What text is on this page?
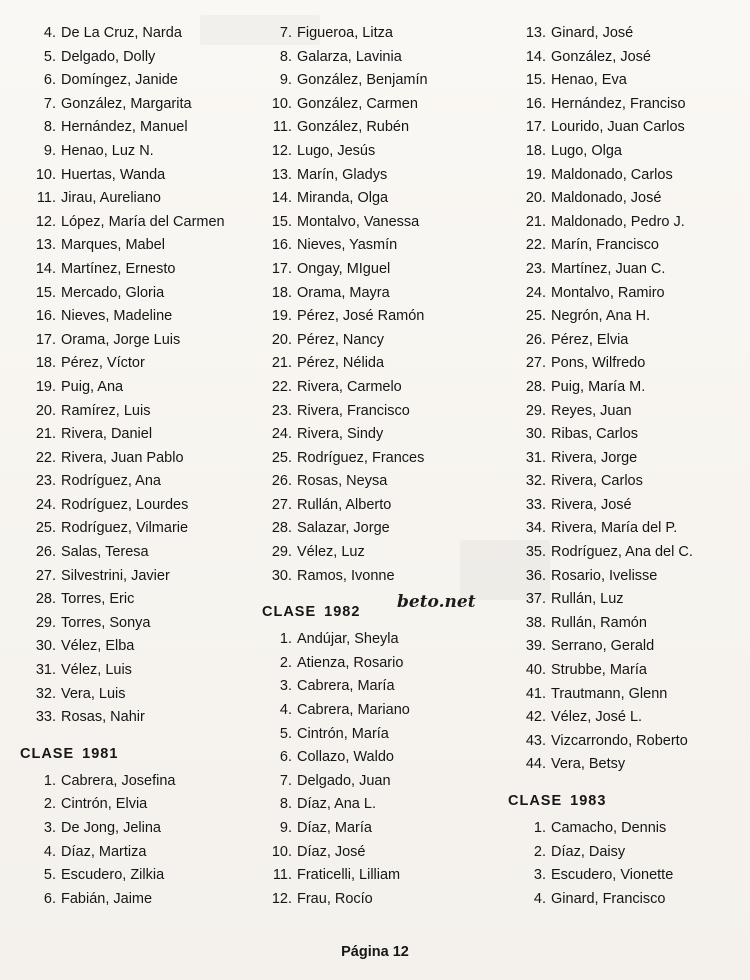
4. De La Cruz, Narda
5. Delgado, Dolly
6. Domíngez, Janide
7. González, Margarita
8. Hernández, Manuel
9. Henao, Luz N.
10. Huertas, Wanda
11. Jirau, Aureliano
12. López, María del Carmen
13. Marques, Mabel
14. Martínez, Ernesto
15. Mercado, Gloria
16. Nieves, Madeline
17. Orama, Jorge Luis
18. Pérez, Víctor
19. Puig, Ana
20. Ramírez, Luis
21. Rivera, Daniel
22. Rivera, Juan Pablo
23. Rodríguez, Ana
24. Rodríguez, Lourdes
25. Rodríguez, Vilmarie
26. Salas, Teresa
27. Silvestrini, Javier
28. Torres, Eric
29. Torres, Sonya
30. Vélez, Elba
31. Vélez, Luis
32. Vera, Luis
33. Rosas, Nahir
CLASE 1981
1. Cabrera, Josefina
2. Cintrón, Elvia
3. De Jong, Jelina
4. Díaz, Martiza
5. Escudero, Zilkia
6. Fabián, Jaime
7. Figueroa, Litza
8. Galarza, Lavinia
9. González, Benjamín
10. González, Carmen
11. González, Rubén
12. Lugo, Jesús
13. Marín, Gladys
14. Miranda, Olga
15. Montalvo, Vanessa
16. Nieves, Yasmín
17. Ongay, MIguel
18. Orama, Mayra
19. Pérez, José Ramón
20. Pérez, Nancy
21. Pérez, Nélida
22. Rivera, Carmelo
23. Rivera, Francisco
24. Rivera, Sindy
25. Rodríguez, Frances
26. Rosas, Neysa
27. Rullán, Alberto
28. Salazar, Jorge
29. Vélez, Luz
30. Ramos, Ivonne
CLASE 1982
1. Andújar, Sheyla
2. Atienza, Rosario
3. Cabrera, María
4. Cabrera, Mariano
5. Cintrón, María
6. Collazo, Waldo
7. Delgado, Juan
8. Díaz, Ana L.
9. Díaz, María
10. Díaz, José
11. Fraticelli, Lilliam
12. Frau, Rocío
13. Ginard, José
14. González, José
15. Henao, Eva
16. Hernández, Franciso
17. Lourido, Juan Carlos
18. Lugo, Olga
19. Maldonado, Carlos
20. Maldonado, José
21. Maldonado, Pedro J.
22. Marín, Francisco
23. Martínez, Juan C.
24. Montalvo, Ramiro
25. Negrón, Ana H.
26. Pérez, Elvia
27. Pons, Wilfredo
28. Puig, María M.
29. Reyes, Juan
30. Ribas, Carlos
31. Rivera, Jorge
32. Rivera, Carlos
33. Rivera, José
34. Rivera, María del P.
35. Rodríguez, Ana del C.
36. Rosario, Ivelisse
37. Rullán, Luz
38. Rullán, Ramón
39. Serrano, Gerald
40. Strubbe, María
41. Trautmann, Glenn
42. Vélez, José L.
43. Vizcarrondo, Roberto
44. Vera, Betsy
CLASE 1983
1. Camacho, Dennis
2. Díaz, Daisy
3. Escudero, Vionette
4. Ginard, Francisco
beto.net
Página 12
